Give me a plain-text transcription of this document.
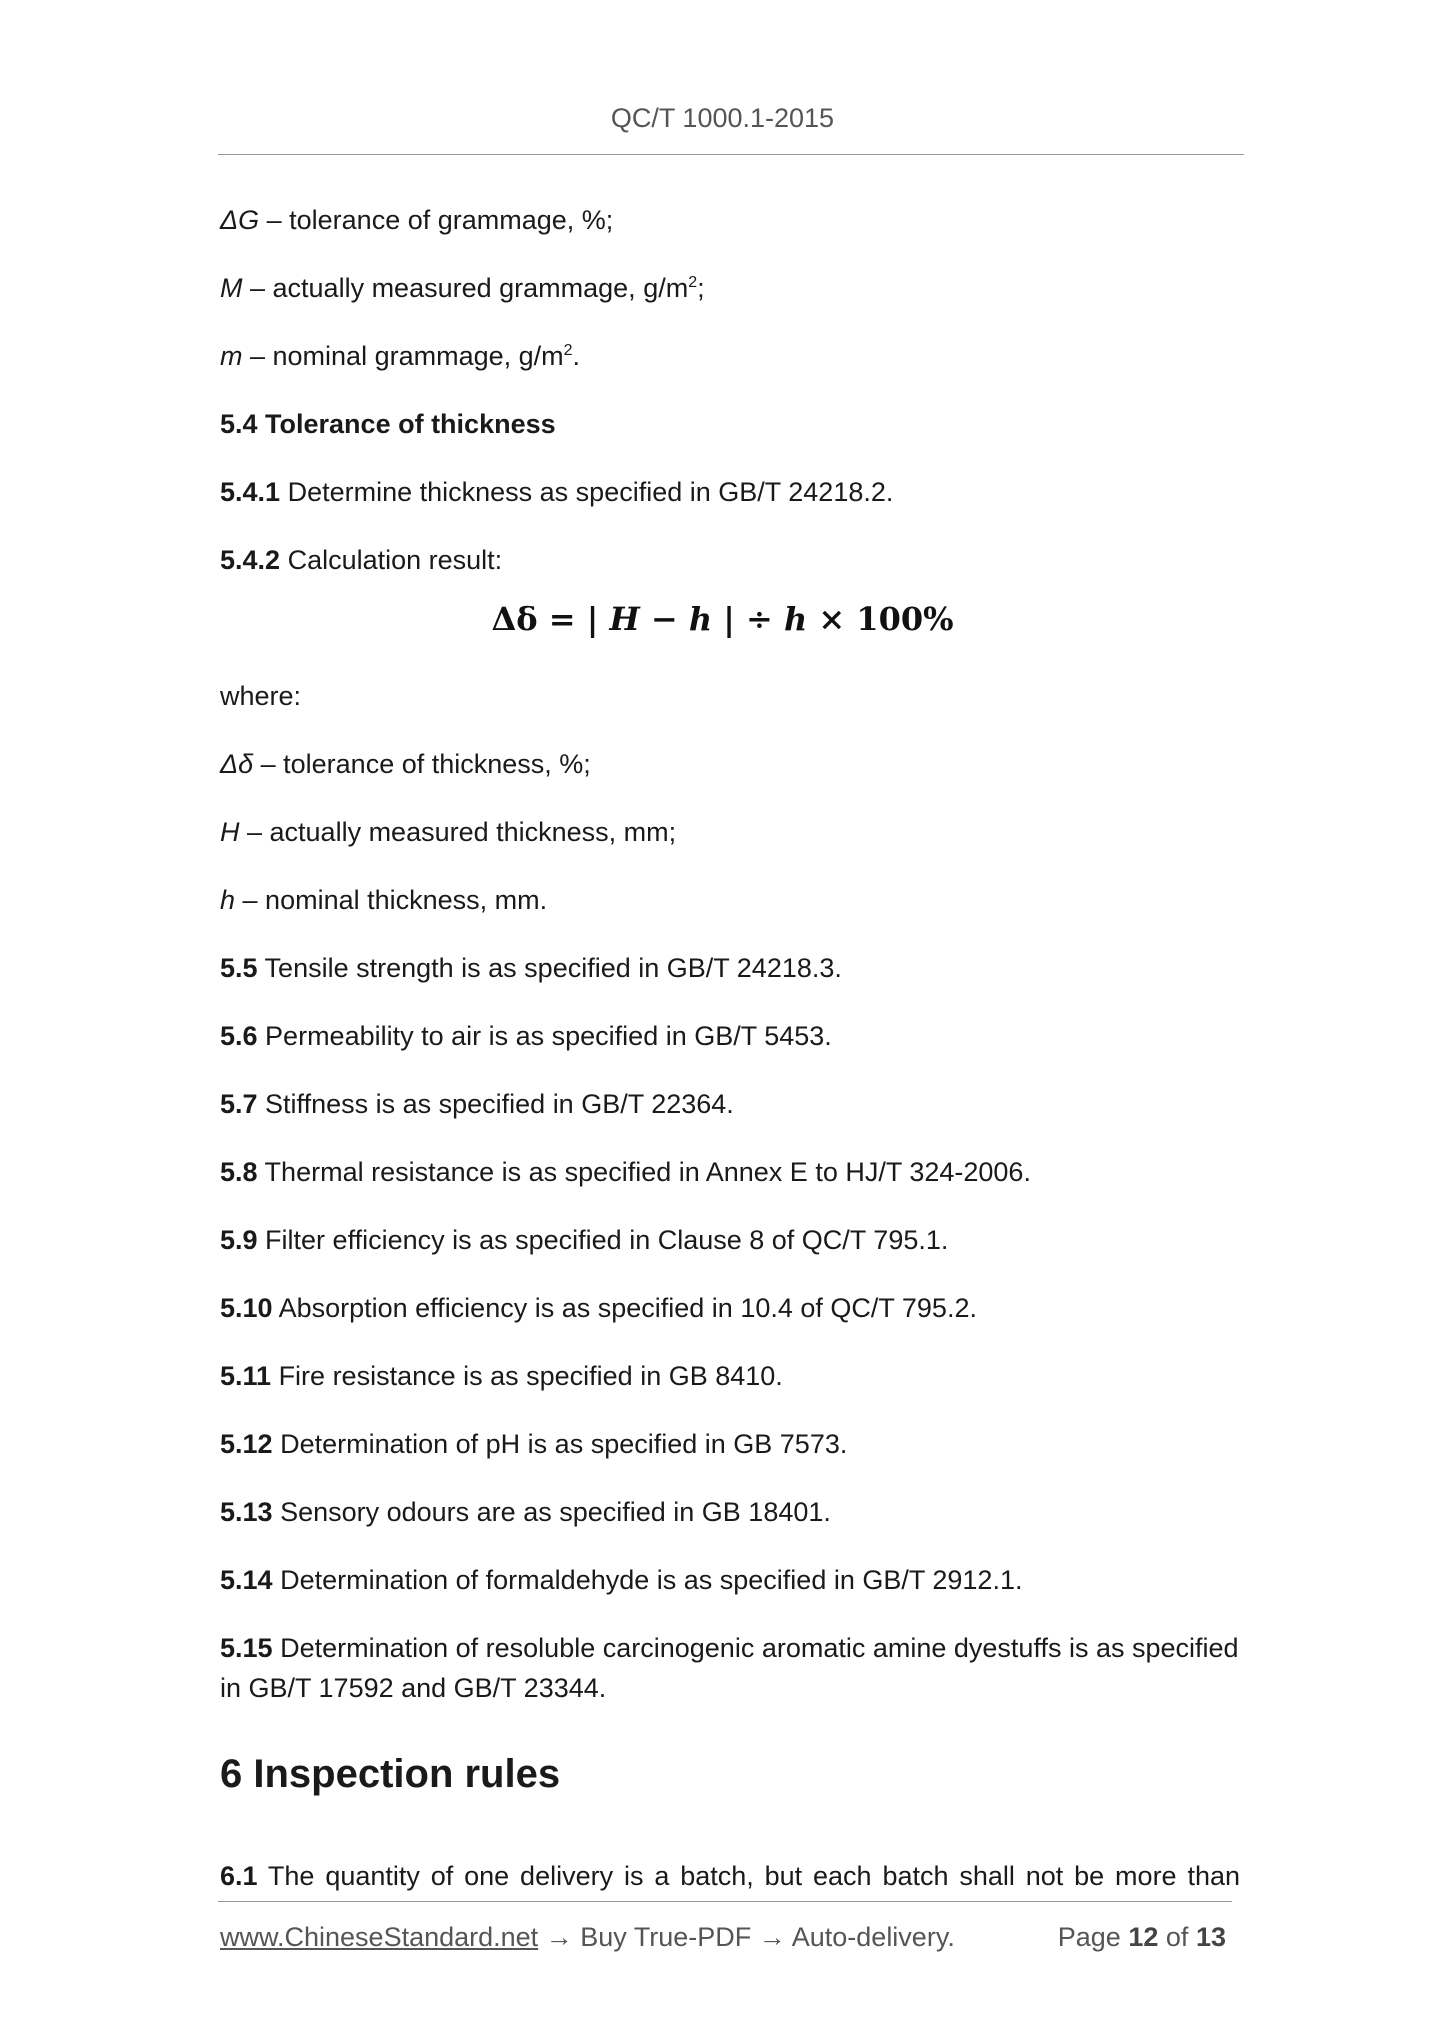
QC/T 1000.1-2015
ΔG – tolerance of grammage, %;
M – actually measured grammage, $g/m^2$;
m – nominal grammage, $g/m^2$.
5.4 Tolerance of thickness
5.4.1 Determine thickness as specified in GB/T 24218.2.
5.4.2 Calculation result:
where:
Δδ – tolerance of thickness, %;
H – actually measured thickness, mm;
h – nominal thickness, mm.
5.5 Tensile strength is as specified in GB/T 24218.3.
5.6 Permeability to air is as specified in GB/T 5453.
5.7 Stiffness is as specified in GB/T 22364.
5.8 Thermal resistance is as specified in Annex E to HJ/T 324-2006.
5.9 Filter efficiency is as specified in Clause 8 of QC/T 795.1.
5.10 Absorption efficiency is as specified in 10.4 of QC/T 795.2.
5.11 Fire resistance is as specified in GB 8410.
5.12 Determination of pH is as specified in GB 7573.
5.13 Sensory odours are as specified in GB 18401.
5.14 Determination of formaldehyde is as specified in GB/T 2912.1.
5.15 Determination of resoluble carcinogenic aromatic amine dyestuffs is as specified
in GB/T 17592 and GB/T 23344.
6.1 The quantity of one delivery is a batch, but each batch shall not be more than
Δδ = | H − h | ÷ h × 100%
6 Inspection rules
www.ChineseStandard.net → Buy True-PDF → Auto-delivery.	Page 12 of 13
